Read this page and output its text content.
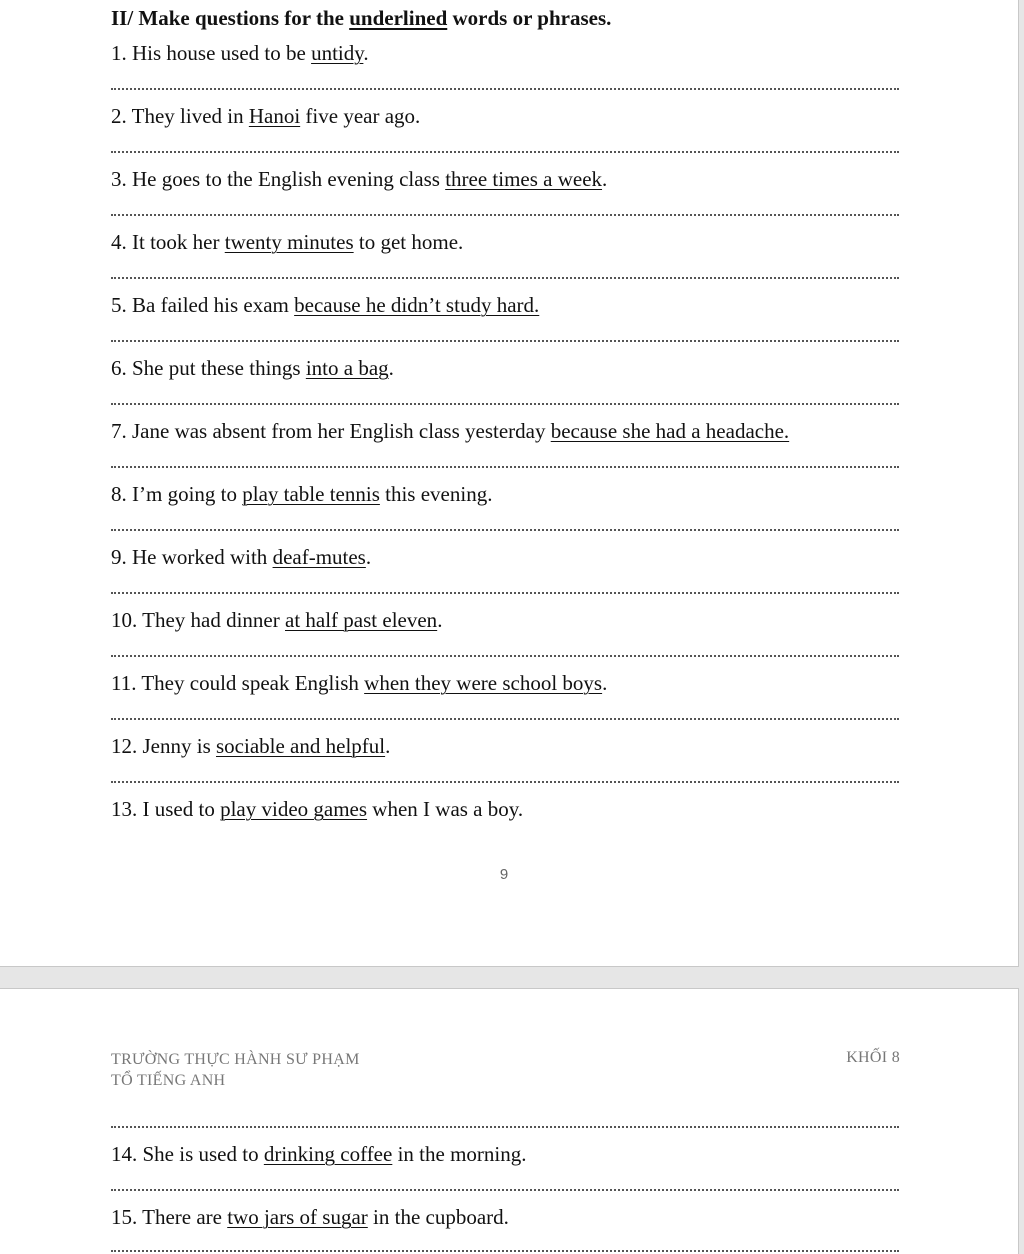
II/ Make questions for the underlined words or phrases.
1. His house used to be untidy.
2. They lived in Hanoi five year ago.
3. He goes to the English evening class three times a week.
4. It took her twenty minutes to get home.
5. Ba failed his exam because he didn’t study hard.
6. She put these things into a bag.
7. Jane was absent from her English class yesterday because she had a headache.
8. I’m going to play table tennis this evening.
9. He worked with deaf-mutes.
10. They had dinner at half past eleven.
11. They could speak English when they were school boys.
12. Jenny is sociable and helpful.
13. I used to play video games when I was a boy.
9
TRƯỜNG THỰC HÀNH SƯ PHẠM
TỔ TIẾNG ANH
KHỐI 8
14. She is used to drinking coffee in the morning.
15. There are two jars of sugar in the cupboard.
